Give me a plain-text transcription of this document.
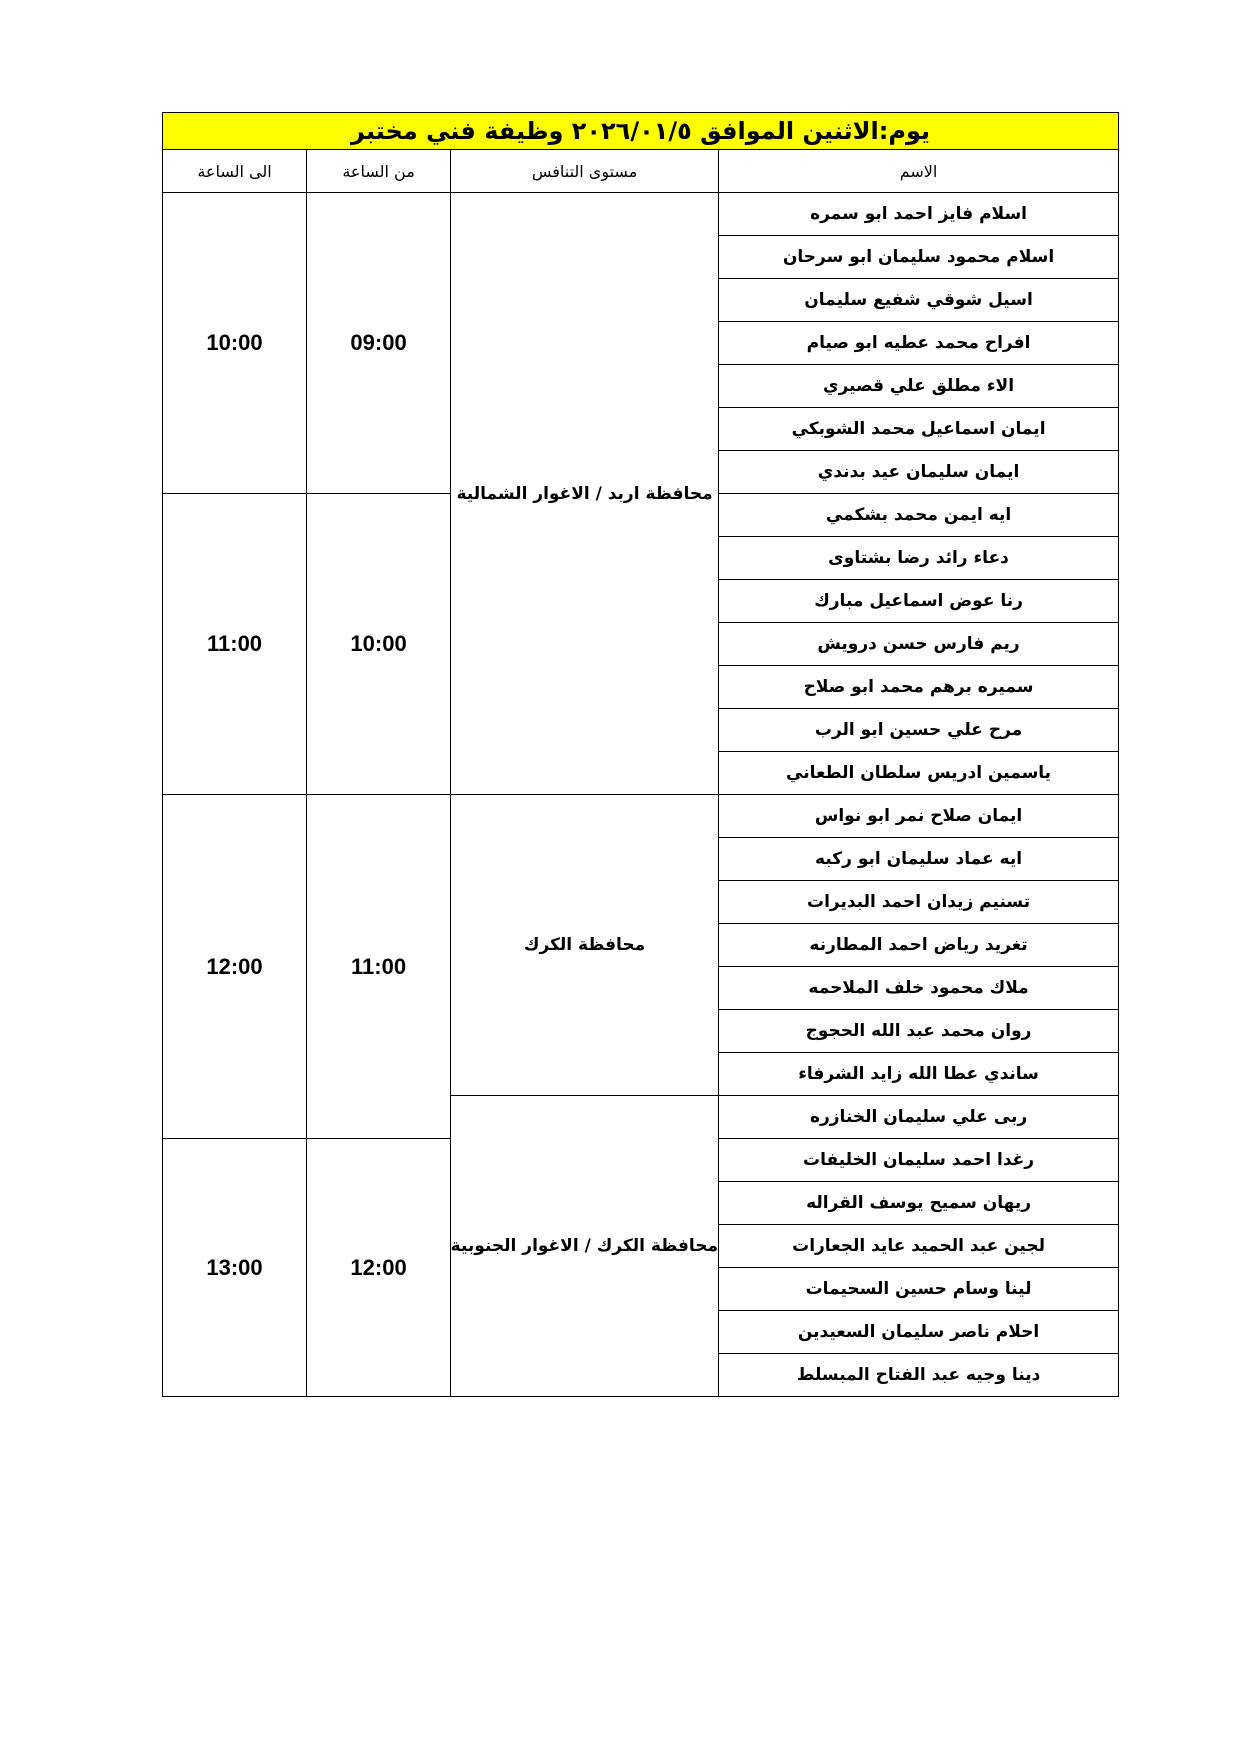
يوم:الاثنين الموافق ٢٠٢٦/٠١/٥ وظيفة فني مختبر			
الاسم	مستوى التنافس	من الساعة	الى الساعة
اسلام فايز احمد ابو سمره	محافظة اربد / الاغوار الشمالية	09:00	10:00
اسلام محمود سليمان ابو سرحان			
اسيل شوقي شفيع سليمان			
افراح محمد عطيه ابو صيام			
الاء مطلق علي قصيري			
ايمان اسماعيل محمد الشوبكي			
ايمان سليمان عيد بدندي			
ايه ايمن محمد بشكمي		10:00	11:00
دعاء رائد رضا بشتاوى			
رنا عوض اسماعيل مبارك			
ريم فارس حسن درويش			
سميره برهم محمد ابو صلاح			
مرح علي حسين ابو الرب			
ياسمين ادريس سلطان الطعاني			
ايمان صلاح نمر ابو نواس	محافظة الكرك	11:00	12:00
ايه عماد سليمان ابو ركبه			
تسنيم زيدان احمد البديرات			
تغريد رياض احمد المطارنه			
ملاك محمود خلف الملاحمه			
روان محمد عبد الله الحجوج			
ساندي عطا الله زايد الشرفاء			
ربى علي سليمان الخنازره	محافظة الكرك / الاغوار الجنوبية		
رغدا احمد سليمان الخليفات		12:00	13:00
ريهان سميح يوسف القراله			
لجين عبد الحميد عايد الجعارات			
لينا وسام حسين السحيمات			
احلام ناصر سليمان السعيدين			
دينا وجيه عبد الفتاح المبسلط			
